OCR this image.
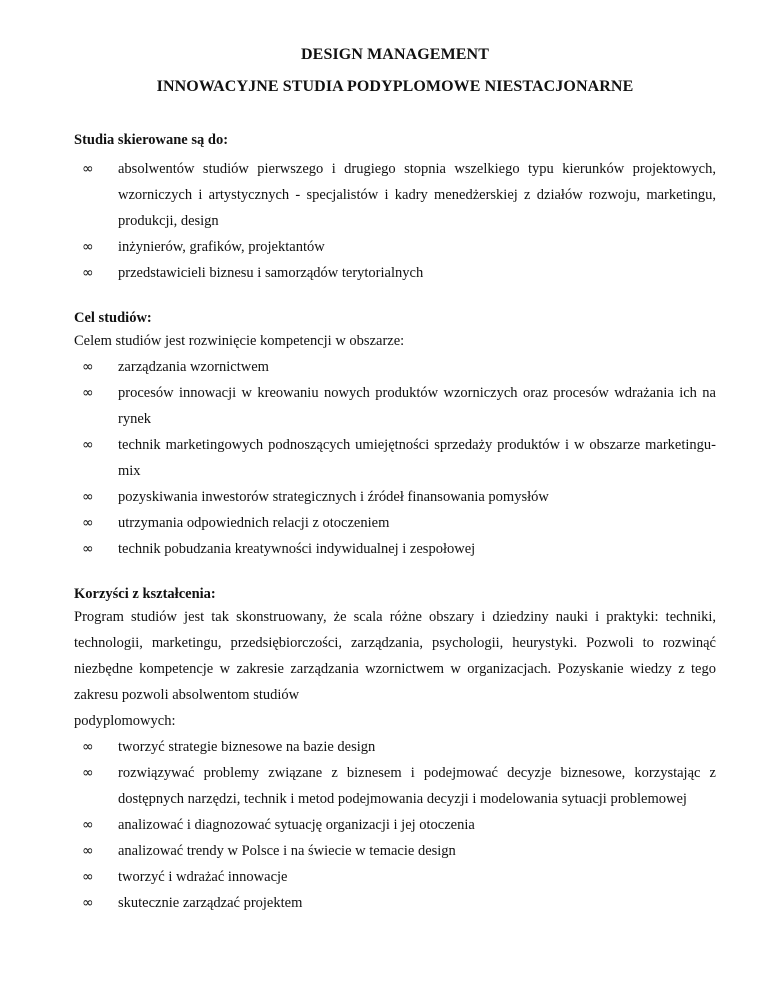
DESIGN MANAGEMENT

INNOWACYJNE STUDIA PODYPLOMOWE NIESTACJONARNE

Studia skierowane są do:

∞	absolwentów studiów pierwszego i drugiego stopnia wszelkiego typu kierunków projektowych, wzorniczych i artystycznych - specjalistów i kadry menedżerskiej z działów rozwoju, marketingu, produkcji, design
∞	inżynierów, grafików, projektantów
∞	przedstawicieli biznesu i samorządów terytorialnych

Cel studiów:

Celem studiów jest rozwinięcie kompetencji w obszarze:

∞	zarządzania wzornictwem
∞	procesów innowacji w kreowaniu nowych produktów wzorniczych oraz procesów wdrażania ich na rynek
∞	technik marketingowych podnoszących umiejętności sprzedaży produktów i w obszarze marketingu-mix
∞	pozyskiwania inwestorów strategicznych i źródeł finansowania pomysłów
∞	utrzymania odpowiednich relacji z otoczeniem
∞	technik pobudzania kreatywności indywidualnej i zespołowej

Korzyści z kształcenia:

Program studiów jest tak skonstruowany, że scala różne obszary i dziedziny nauki i praktyki: techniki, technologii, marketingu, przedsiębiorczości, zarządzania, psychologii, heurystyki. Pozwoli to rozwinąć niezbędne kompetencje w zakresie zarządzania wzornictwem w organizacjach. Pozyskanie wiedzy z tego zakresu pozwoli absolwentom studiów

podyplomowych:

∞	tworzyć strategie biznesowe na bazie design
∞	rozwiązywać problemy związane z biznesem i podejmować decyzje biznesowe, korzystając z dostępnych narzędzi, technik i metod podejmowania decyzji i modelowania sytuacji problemowej
∞	analizować i diagnozować sytuację organizacji i jej otoczenia
∞	analizować trendy w Polsce i na świecie w temacie design
∞	tworzyć i wdrażać innowacje
∞	skutecznie zarządzać projektem
